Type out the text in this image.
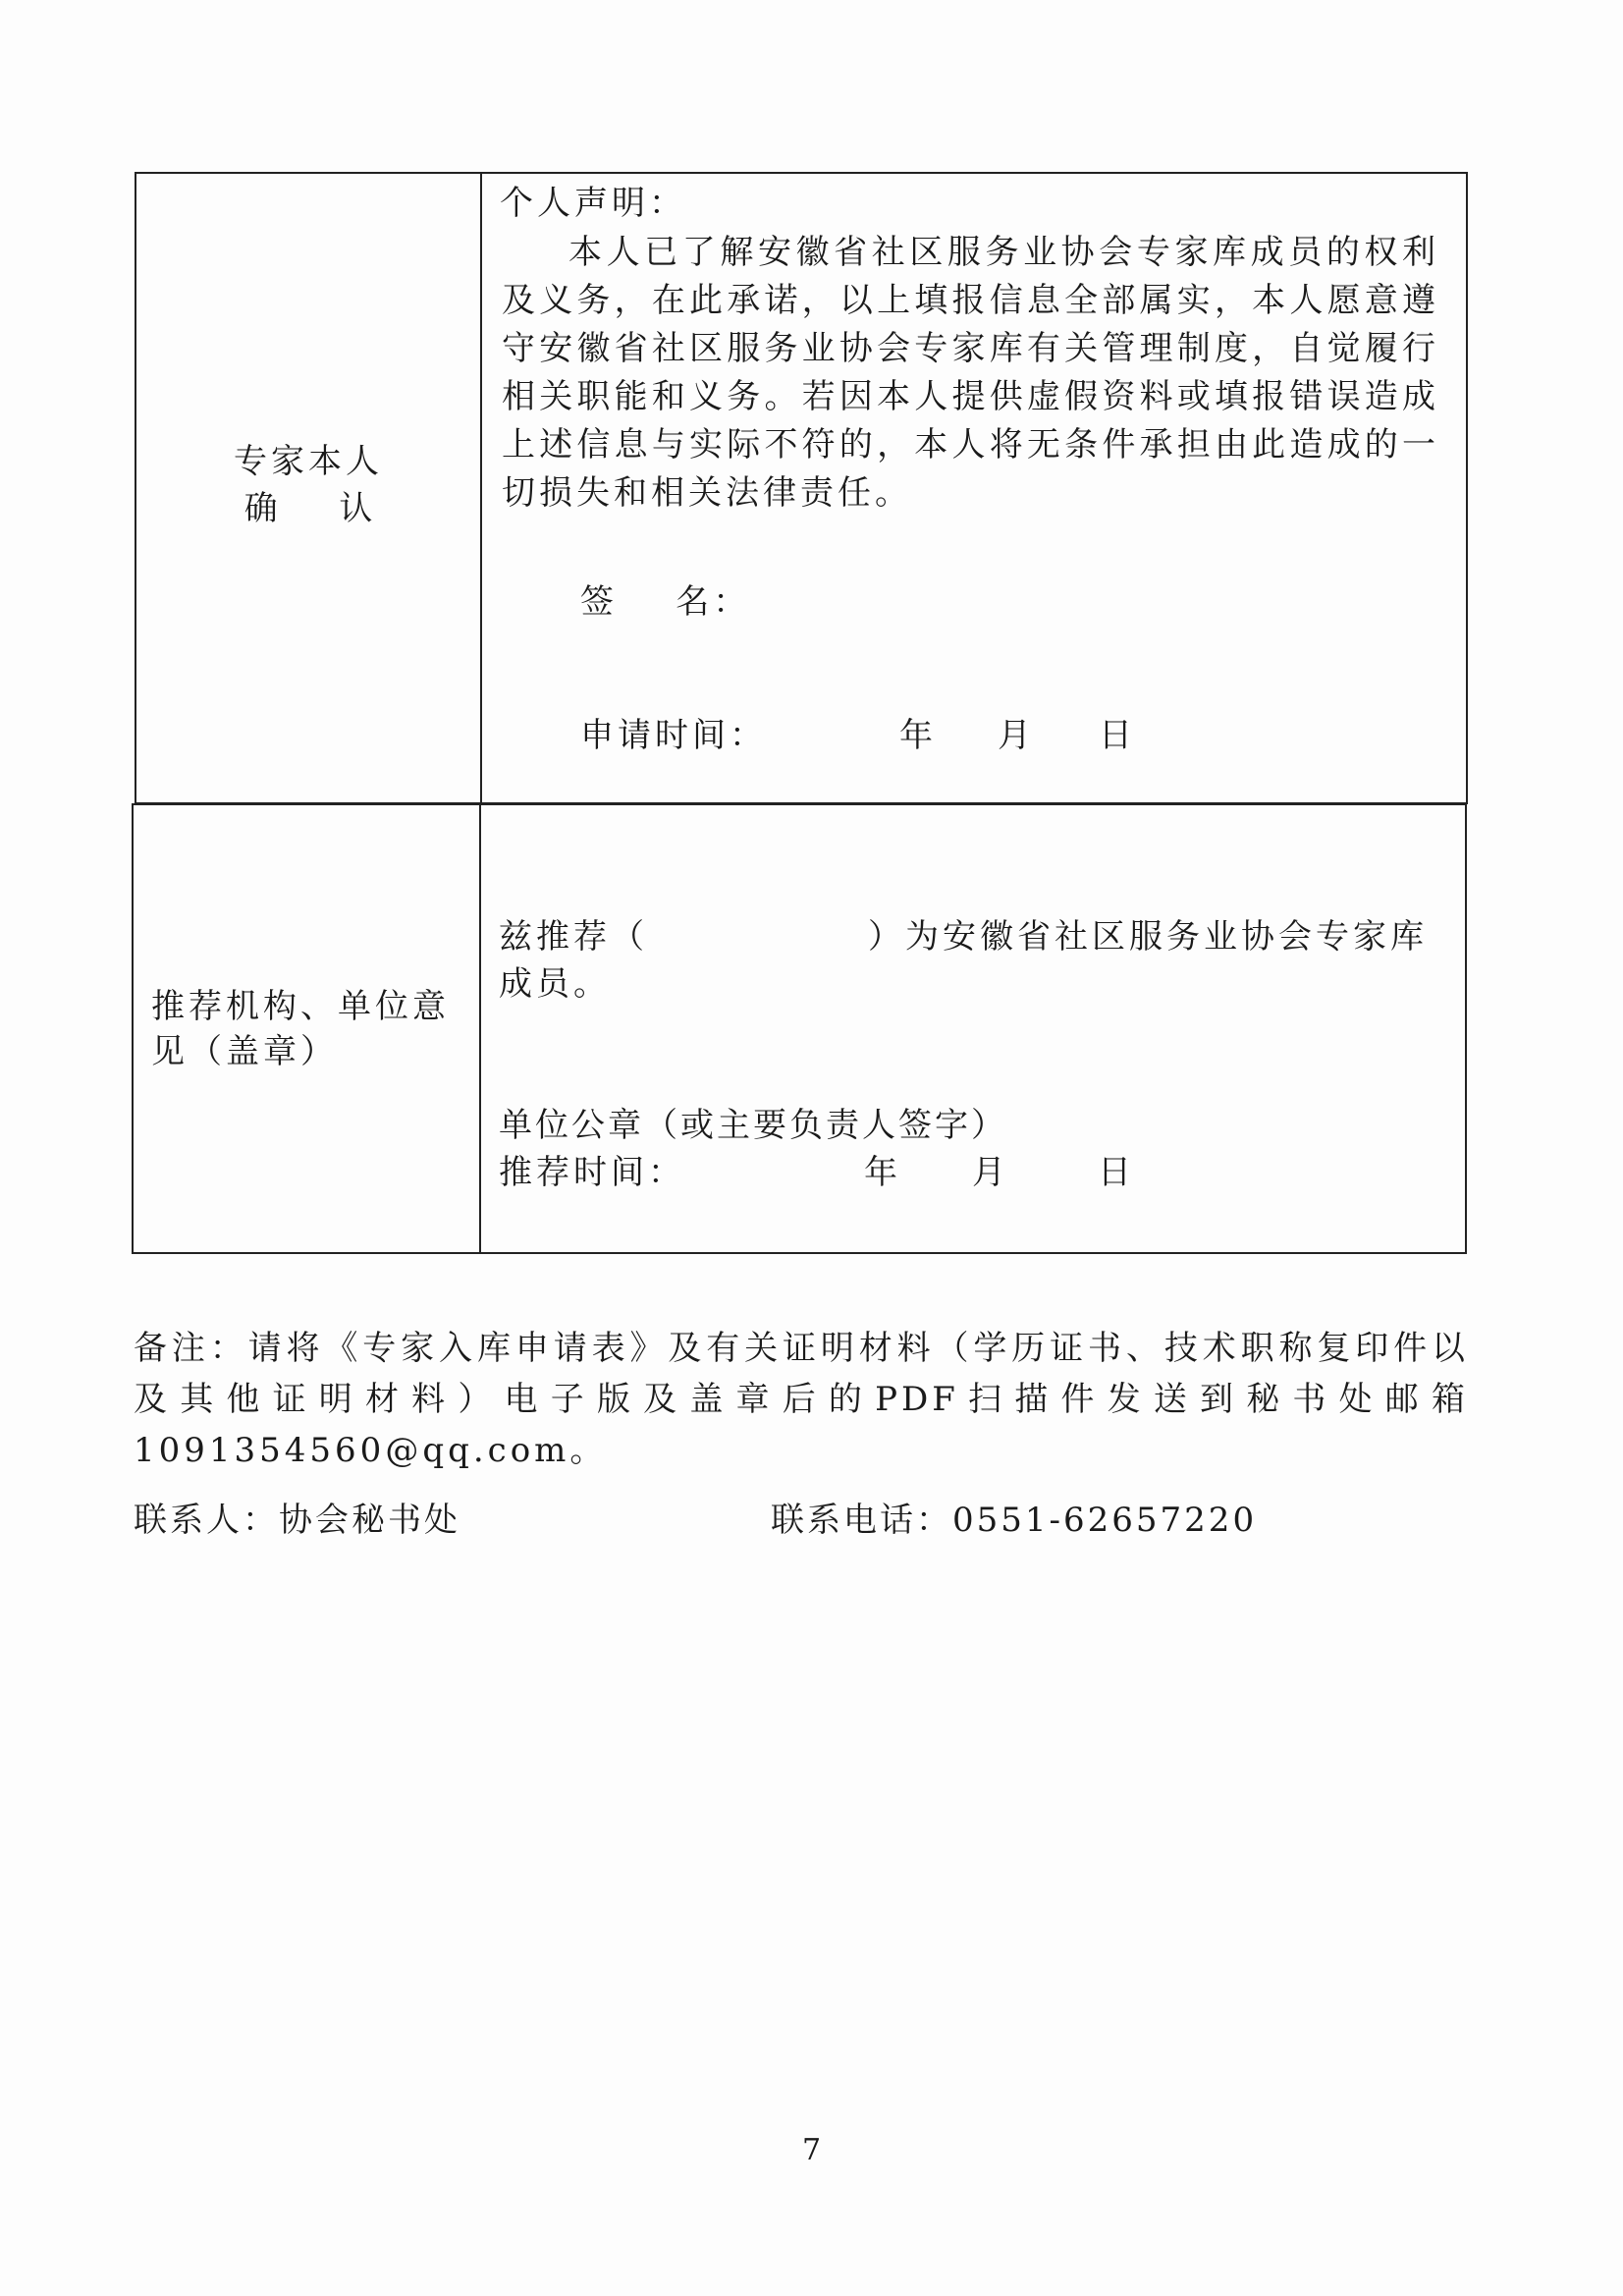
专家本人
确 认

个人声明：
本人已了解安徽省社区服务业协会专家库成员的权利及义务，在此承诺，以上填报信息全部属实，本人愿意遵守安徽省社区服务业协会专家库有关管理制度，自觉履行相关职能和义务。若因本人提供虚假资料或填报错误造成上述信息与实际不符的，本人将无条件承担由此造成的一切损失和相关法律责任。
签    名：
申请时间：	年 月 日
推荐机构、单位意见（盖章）

兹推荐（	）为安徽省社区服务业协会专家库
成员。
单位公章（或主要负责人签字）
推荐时间：	年 月	日
备注：请将《专家入库申请表》及有关证明材料（学历证书、技术职称复印件以及其他证明材料）电子版及盖章后的PDF扫描件发送到秘书处邮箱1091354560@qq.com。
联系人：协会秘书处	联系电话：0551-62657220
7
